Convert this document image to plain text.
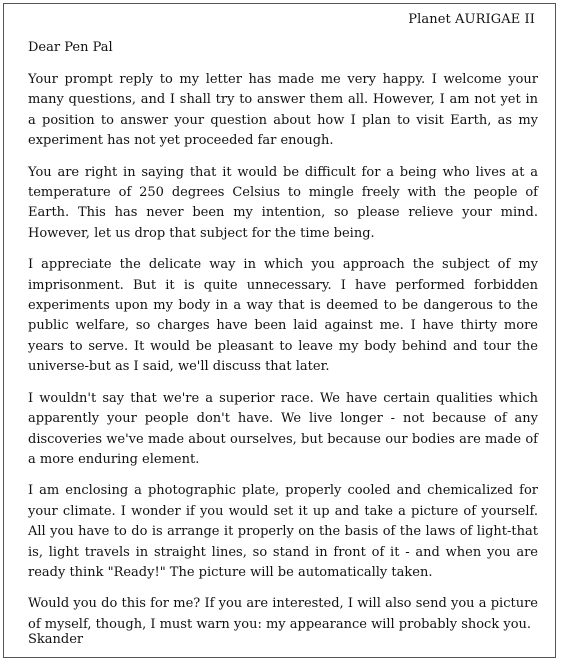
Planet AURIGAE II
Dear Pen Pal

Your prompt reply to my letter has made me very happy. I welcome your many questions, and I shall try to answer them all. However, I am not yet in a position to answer your question about how I plan to visit Earth, as my experiment has not yet proceeded far enough.

You are right in saying that it would be difficult for a being who lives at a temperature of 250 degrees Celsius to mingle freely with the people of Earth. This has never been my intention, so please relieve your mind. However, let us drop that subject for the time being.

I appreciate the delicate way in which you approach the subject of my imprisonment. But it is quite unnecessary. I have performed forbidden experiments upon my body in a way that is deemed to be dangerous to the public welfare, so charges have been laid against me. I have thirty more years to serve. It would be pleasant to leave my body behind and tour the universe-but as I said, we'll discuss that later.

I wouldn't say that we're a superior race. We have certain qualities which apparently your people don't have. We live longer - not because of any discoveries we've made about ourselves, but because our bodies are made of a more enduring element.

I am enclosing a photographic plate, properly cooled and chemicalized for your climate. I wonder if you would set it up and take a picture of yourself. All you have to do is arrange it properly on the basis of the laws of light-that is, light travels in straight lines, so stand in front of it - and when you are ready think "Ready!" The picture will be automatically taken.

Would you do this for me? If you are interested, I will also send you a picture of myself, though, I must warn you: my appearance will probably shock you.

Skander
